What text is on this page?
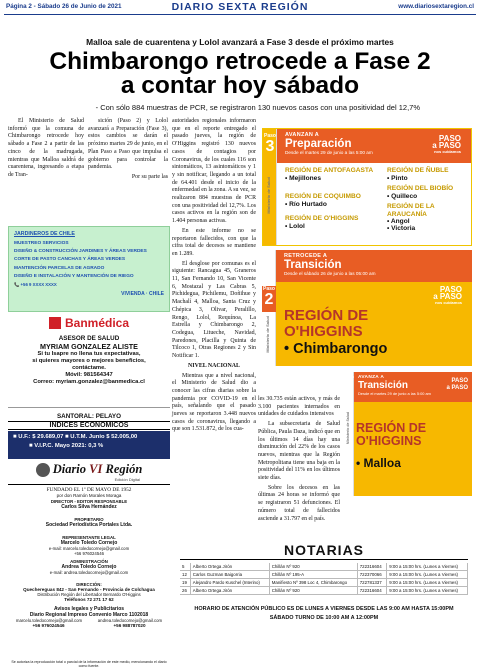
Página 2 - Sábado 26 de Junio de 2021	DIARIO SEXTA REGIÓN	www.diariosextaregion.cl
Malloa sale de cuarentena y Lolol avanzará a Fase 3 desde el próximo martes
Chimbarongo retrocede a Fase 2
a contar hoy sábado
- Con sólo 884 muestras de PCR, se registraron 130 nuevos casos con una positividad del 12,7%

El Ministerio de Salud informó que la comuna de Chimbarongo retrocede hoy sábado a Fase 2 a partir de las cinco de la madrugada, mientras que Malloa saldrá de cuarentena, ingresando a etapa de Tran-

sición (Paso 2) y Lolol avanzará a Preparación (Fase 3), estos cambios se darán el próximo martes 29 de junio, en el Plan Paso a Paso que impulsa el gobierno para controlar la pandemia.

Por su parte las

autoridades regionales informaron que en el reporte entregado el pasado jueves, la región de O'Higgins registró 130 nuevos casos de contagios por Coronavirus, de los cuales 116 son sintomáticos, 13 asintomáticos y 1 y sin notificar, llegando a un total de 64.401 desde el inicio de la enfermedad en la zona. A su vez, se realizaron 884 muestras de PCR con una positividad del 12,7%. Los casos activos en la región son de 1.404 personas activas.

En este informe no se reportaron fallecidos, con que la cifra total de decesos se mantiene en 1.289.

El desglose por comunas es el siguiente: Rancagua 45, Graneros 11, San Fernando 10, San Vicente 6, Mostazal y Las Cabras 5, Pichidegua, Pichilemu, Doñihue y Machalí 4, Malloa, Santa Cruz y Chépica 3, Olivar, Peralillo, Rengo, Lolol, Requínoa, La Estrella y Chimbarongo 2, Codegua, Litueche, Navidad, Paredones, Placilla y Quinta de Tilcoco 1, Otras Regiones 2 y Sin Notificar 1.

NIVEL NACIONAL

Mientras que a nivel nacional, el Ministerio de Salud dio a conocer las cifras diarias sobre la pandemia por COVID-19 en el país, señalando que el pasado jueves se reportaron 3.448 nuevos casos de coronavirus, llegando a que son 1.531.872, de los cua-

les 30.735 están activos, y más de 3.100 pacientes internados en unidades de cuidados intensivos

La subsecretaria de Salud Pública, Paula Daza, indicó que en los últimos 14 días hay una disminución del 22% de los casos nuevos, mientras que la Región Metropolitana tiene una baja en la positividad del 11% en los últimos siete días.

Sobre los decesos en las últimas 24 horas se informó que se registraron 51 defunciones. El número total de fallecidos asciende a 31.797 en el país.

JARDINEROS DE CHILE
MUESTREO SERVICIOS
DISEÑO & CONSTRUCCIÓN JARDINES Y ÁREAS VERDES
CORTE DE PASTO CANCHAS Y ÁREAS VERDES
MANTENCIÓN PARCELAS DE AGRADO
DISEÑO E INSTALACIÓN Y MANTENCIÓN DE RIEGO
📞 +56 9 XXXX XXXX
VIVIENDA · CHILE
Banmédica
ASESOR DE SALUD
MYRIAM GONZALEZ ALISTE
Si tu Isapre no llena tus expectativas,
si quieres mayores o mejores beneficios,
contáctame.
Móvil: 981564347
Correo: myriam.gonzalez@banmedica.cl
SANTORAL: PELAYO
INDICES ECONOMICOS
■ U.F.: $ 29.689,07 ■ U.T.M. Junio $ 52.005,00
■ V.I.P.C. Mayo 2021: 0,3 %
Diario VI Región
Edición Digital
FUNDADO EL 1º DE MAYO DE 1952
por don Ramón Morales Moraga
DIRECTOR - EDITOR RESPONSABLE
Carlos Silva Hernández
PROPIETARIO
Sociedad Periodística Portales Ltda.
REPRESENTANTE LEGAL
Marcelo Toledo Cornejo
e-mail: marcelo.toledocornejo@gmail.com
+56 976024546
ADMINISTRACIÓN
Andrea Toledo Cornejo
e-mail: andrea.toledocornejo@gmail.com
DIRECCIÓN:
Quechereguas 842 - San Fernando - Provincia de Colchagua
Distribución Región del Libertador Bernardo O'Higgins
Teléfonos 72 271 17 62
Avisos legales y Publicitarios
Diario Regional Impreso Convenio Marco 1102018
marcelo.toledocornejo@gmail.com	andrea.toledocornejo@gmail.com
+56 976024546	+56 988787020
Se autoriza la reproducción total o parcial de la información de este medio, mencionando el diario como fuente.
Paso
3
AVANZAN A
Preparación
Desde el martes 29 de junio a las 5:00 am
PASO
a PASO
nos cuidamos
Ministerio de Salud
REGIÓN DE ANTOFAGASTA
• Mejillones
REGIÓN DE COQUIMBO
• Río Hurtado
REGIÓN DE O'HIGGINS
• Lolol
REGIÓN DE ÑUBLE
• Pinto
REGIÓN DEL BIOBÍO
• Quilleco
REGIÓN DE LA ARAUCANÍA
• Angol
• Victoria
Paso
2
RETROCEDE A
Transición
Desde el sábado 26 de junio a las 05:00 am
PASO
a PASO
nos cuidamos
Ministerio de Salud
REGIÓN DE
O'HIGGINS
• Chimbarongo
Paso
2
AVANZA A
Transición
Desde el martes 29 de junio a las 5:00 am
PASO
a PASO
Ministerio de Salud REGIÓN DE
O'HIGGINS
• Malloa
NOTARIAS
5	Alberto Ortega Jirón	Chillán Nº 920	722316604	9:00 a 15:00 hrs. (Lunes a Viernes)
12	Carlos Guzman Baigorria	Chillán Nº 195-A	722370066	9:00 a 15:00 hrs. (Lunes a Viernes)
19	Alejandro Pardo Kuschel (Interino)	Manifiesto Nº 398 Loc 4, Chimbarongo	722781337	9:00 a 15:00 hrs. (Lunes a Viernes)
26	Alberto Ortega Jirón	Chillán Nº 920	722316604	9:00 a 15:00 hrs. (Lunes a Viernes)
HORARIO DE ATENCIÓN PÚBLICO ES DE LUNES A VIERNES DESDE LAS 9:00 AM HASTA 15:00PM
SÁBADO TURNO DE 10:00 AM A 12:00PM
